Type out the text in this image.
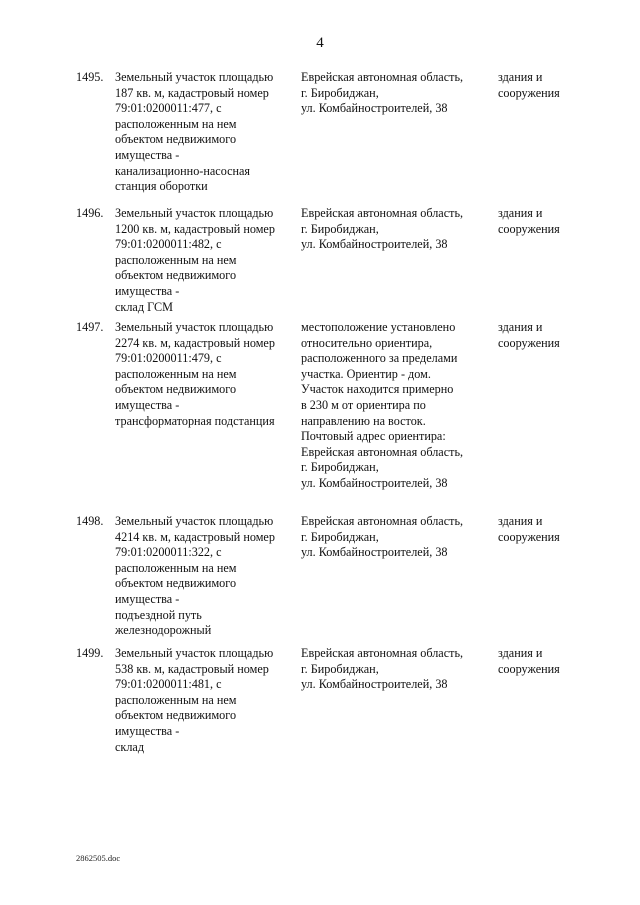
4
1495. Земельный участок площадью
187 кв. м, кадастровый номер
79:01:0200011:477, с
расположенным на нем
объектом недвижимого
имущества -
канализационно-насосная
станция оборотки
Еврейская автономная область,
г. Биробиджан,
ул. Комбайностроителей, 38
здания и
сооружения
1496. Земельный участок площадью
1200 кв. м, кадастровый номер
79:01:0200011:482, с
расположенным на нем
объектом недвижимого
имущества -
склад ГСМ
Еврейская автономная область,
г. Биробиджан,
ул. Комбайностроителей, 38
здания и
сооружения
1497. Земельный участок площадью
2274 кв. м, кадастровый номер
79:01:0200011:479, с
расположенным на нем
объектом недвижимого
имущества -
трансформаторная подстанция
местоположение установлено
относительно ориентира,
расположенного за пределами
участка. Ориентир - дом.
Участок находится примерно
в 230 м от ориентира по
направлению на восток.
Почтовый адрес ориентира:
Еврейская автономная область,
г. Биробиджан,
ул. Комбайностроителей, 38
здания и
сооружения
1498. Земельный участок площадью
4214 кв. м, кадастровый номер
79:01:0200011:322, с
расположенным на нем
объектом недвижимого
имущества -
подъездной путь
железнодорожный
Еврейская автономная область,
г. Биробиджан,
ул. Комбайностроителей, 38
здания и
сооружения
1499. Земельный участок площадью
538 кв. м, кадастровый номер
79:01:0200011:481, с
расположенным на нем
объектом недвижимого
имущества -
склад
Еврейская автономная область,
г. Биробиджан,
ул. Комбайностроителей, 38
здания и
сооружения
2862505.doc
